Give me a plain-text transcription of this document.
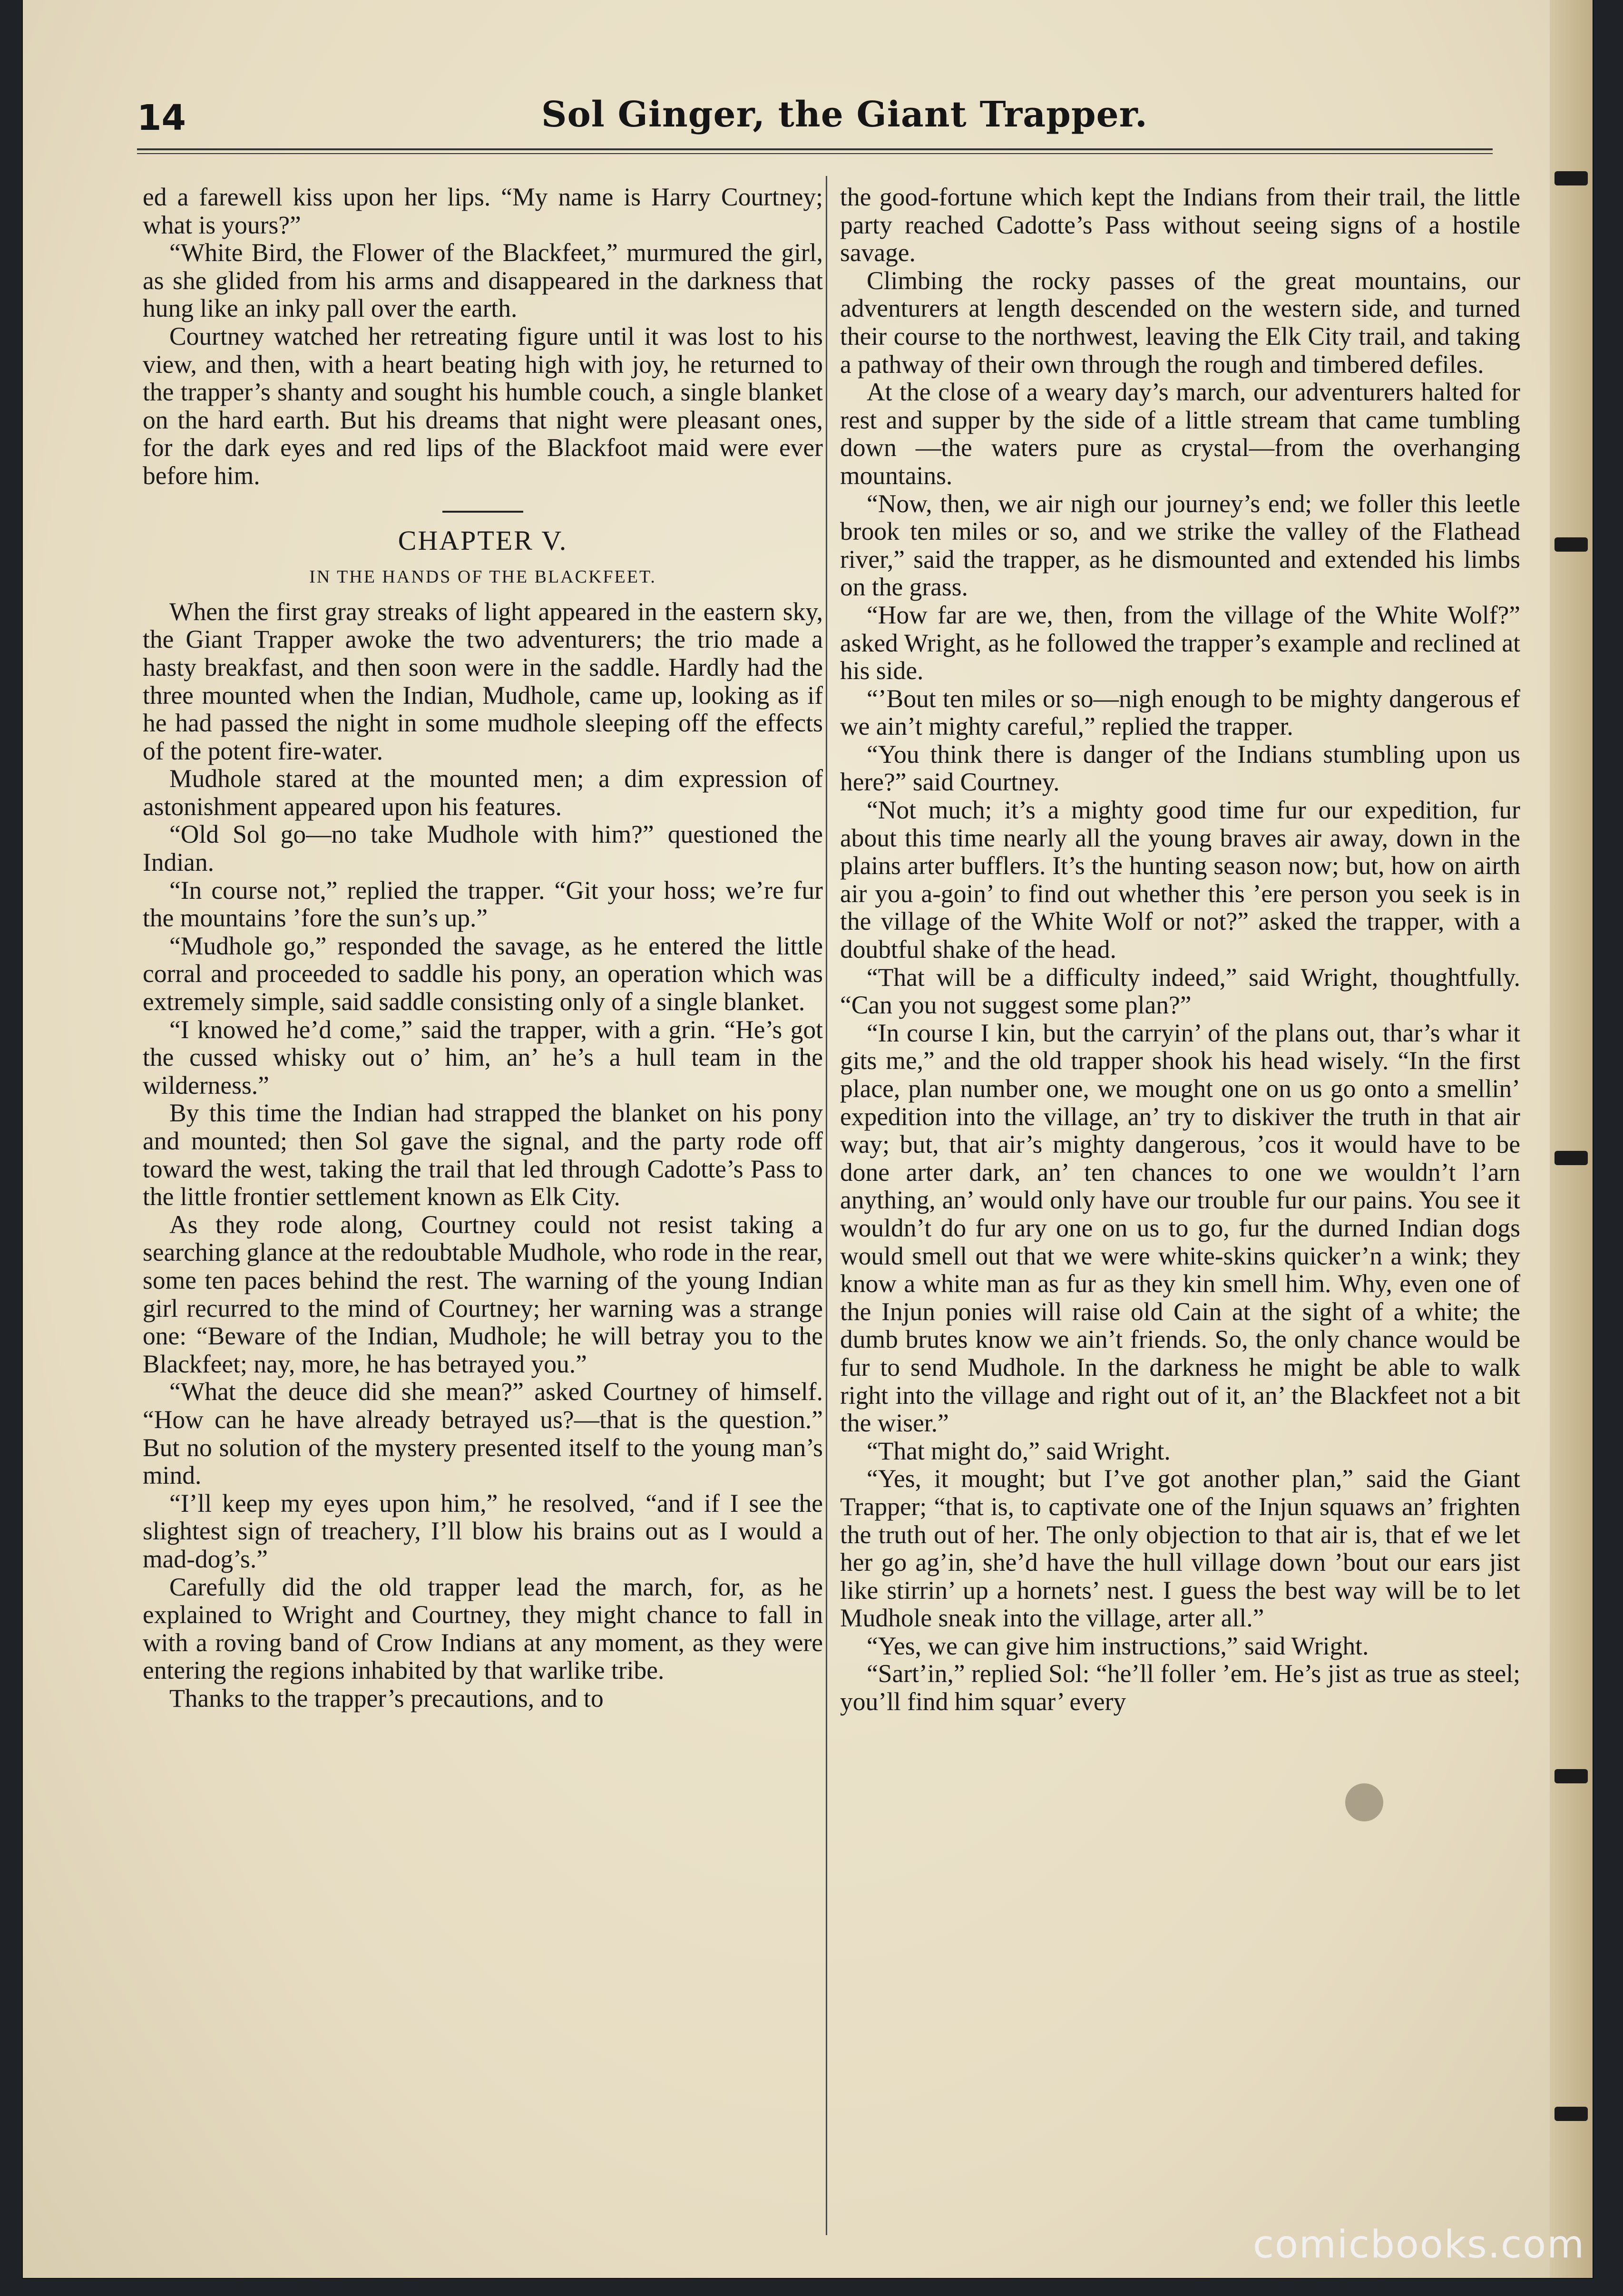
14	Sol Ginger, the Giant Trapper.

ed a farewell kiss upon her lips. “My name is Harry Courtney; what is yours?”

“White Bird, the Flower of the Blackfeet,” murmured the girl, as she glided from his arms and disappeared in the darkness that hung like an inky pall over the earth.

Courtney watched her retreating figure until it was lost to his view, and then, with a heart beating high with joy, he returned to the trapper’s shanty and sought his humble couch, a single blanket on the hard earth. But his dreams that night were pleasant ones, for the dark eyes and red lips of the Blackfoot maid were ever before him.

CHAPTER V.

IN THE HANDS OF THE BLACKFEET.

When the first gray streaks of light appeared in the eastern sky, the Giant Trapper awoke the two adventurers; the trio made a hasty breakfast, and then soon were in the saddle. Hardly had the three mounted when the Indian, Mudhole, came up, looking as if he had passed the night in some mudhole sleeping off the effects of the potent fire-water.

Mudhole stared at the mounted men; a dim expression of astonishment appeared upon his features.

“Old Sol go—no take Mudhole with him?” questioned the Indian.

“In course not,” replied the trapper. “Git your hoss; we’re fur the mountains ’fore the sun’s up.”

“Mudhole go,” responded the savage, as he entered the little corral and proceeded to saddle his pony, an operation which was extremely simple, said saddle consisting only of a single blanket.

“I knowed he’d come,” said the trapper, with a grin. “He’s got the cussed whisky out o’ him, an’ he’s a hull team in the wilderness.”

By this time the Indian had strapped the blanket on his pony and mounted; then Sol gave the signal, and the party rode off toward the west, taking the trail that led through Cadotte’s Pass to the little frontier settlement known as Elk City.

As they rode along, Courtney could not resist taking a searching glance at the redoubtable Mudhole, who rode in the rear, some ten paces behind the rest. The warning of the young Indian girl recurred to the mind of Courtney; her warning was a strange one: “Beware of the Indian, Mudhole; he will betray you to the Blackfeet; nay, more, he has betrayed you.”

“What the deuce did she mean?” asked Courtney of himself. “How can he have already betrayed us?—that is the question.” But no solution of the mystery presented itself to the young man’s mind.

“I’ll keep my eyes upon him,” he resolved, “and if I see the slightest sign of treachery, I’ll blow his brains out as I would a mad-dog’s.”

Carefully did the old trapper lead the march, for, as he explained to Wright and Courtney, they might chance to fall in with a roving band of Crow Indians at any moment, as they were entering the regions inhabited by that warlike tribe.

Thanks to the trapper’s precautions, and to

the good-fortune which kept the Indians from their trail, the little party reached Cadotte’s Pass without seeing signs of a hostile savage.

Climbing the rocky passes of the great mountains, our adventurers at length descended on the western side, and turned their course to the northwest, leaving the Elk City trail, and taking a pathway of their own through the rough and timbered defiles.

At the close of a weary day’s march, our adventurers halted for rest and supper by the side of a little stream that came tumbling down —the waters pure as crystal—from the overhanging mountains.

“Now, then, we air nigh our journey’s end; we foller this leetle brook ten miles or so, and we strike the valley of the Flathead river,” said the trapper, as he dismounted and extended his limbs on the grass.

“How far are we, then, from the village of the White Wolf?” asked Wright, as he followed the trapper’s example and reclined at his side.

“’Bout ten miles or so—nigh enough to be mighty dangerous ef we ain’t mighty careful,” replied the trapper.

“You think there is danger of the Indians stumbling upon us here?” said Courtney.

“Not much; it’s a mighty good time fur our expedition, fur about this time nearly all the young braves air away, down in the plains arter bufflers. It’s the hunting season now; but, how on airth air you a-goin’ to find out whether this ’ere person you seek is in the village of the White Wolf or not?” asked the trapper, with a doubtful shake of the head.

“That will be a difficulty indeed,” said Wright, thoughtfully. “Can you not suggest some plan?”

“In course I kin, but the carryin’ of the plans out, thar’s whar it gits me,” and the old trapper shook his head wisely. “In the first place, plan number one, we mought one on us go onto a smellin’ expedition into the village, an’ try to diskiver the truth in that air way; but, that air’s mighty dangerous, ’cos it would have to be done arter dark, an’ ten chances to one we wouldn’t l’arn anything, an’ would only have our trouble fur our pains. You see it wouldn’t do fur ary one on us to go, fur the durned Indian dogs would smell out that we were white-skins quicker’n a wink; they know a white man as fur as they kin smell him. Why, even one of the Injun ponies will raise old Cain at the sight of a white; the dumb brutes know we ain’t friends. So, the only chance would be fur to send Mudhole. In the darkness he might be able to walk right into the village and right out of it, an’ the Blackfeet not a bit the wiser.”

“That might do,” said Wright.

“Yes, it mought; but I’ve got another plan,” said the Giant Trapper; “that is, to captivate one of the Injun squaws an’ frighten the truth out of her. The only objection to that air is, that ef we let her go ag’in, she’d have the hull village down ’bout our ears jist like stirrin’ up a hornets’ nest. I guess the best way will be to let Mudhole sneak into the village, arter all.”

“Yes, we can give him instructions,” said Wright.

“Sart’in,” replied Sol: “he’ll foller ’em. He’s jist as true as steel; you’ll find him squar’ every

comicbooks.com
